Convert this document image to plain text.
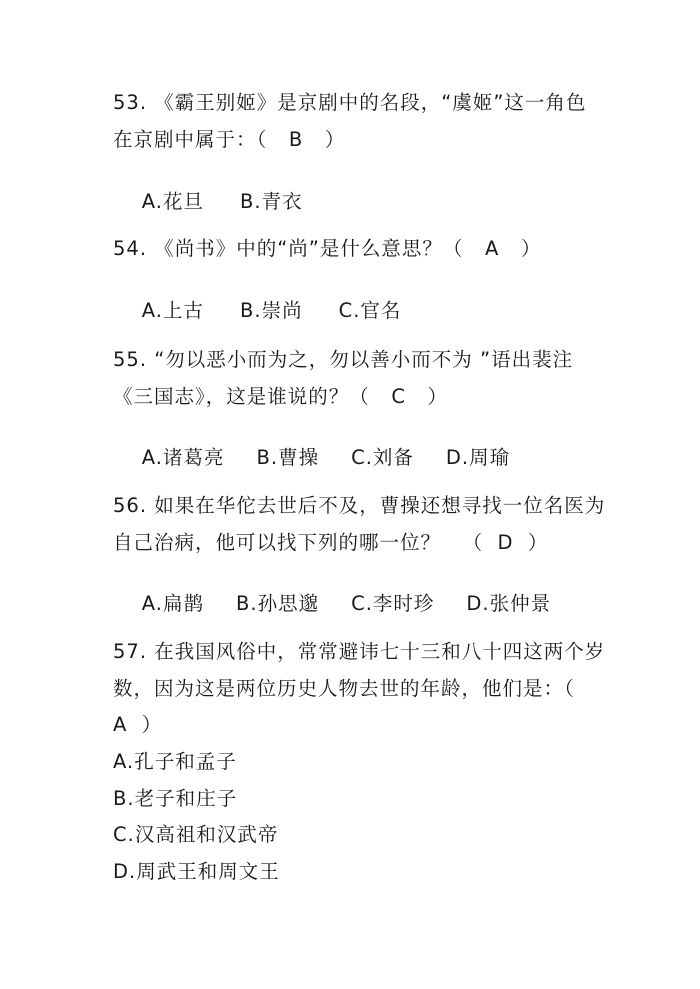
53. 《霸王别姬》是京剧中的名段，“虞姬”这一角色
在京剧中属于：（   B   ）

A.花旦 B.青衣

54. 《尚书》中的“尚”是什么意思？（   A   ）

A.上古 B.崇尚 C.官名

55. “勿以恶小而为之，勿以善小而不为 ”语出裴注
《三国志》，这是谁说的？（   C   ）

A.诸葛亮 B.曹操 C.刘备 D.周瑜

56. 如果在华佗去世后不及，曹操还想寻找一位名医为
自己治病，他可以找下列的哪一位？   （  D  ）

A.扁鹊 B.孙思邈 C.李时珍 D.张仲景

57. 在我国风俗中，常常避讳七十三和八十四这两个岁
数，因为这是两位历史人物去世的年龄，他们是：（
A  ）
A.孔子和孟子
B.老子和庄子
C.汉高祖和汉武帝
D.周武王和周文王
